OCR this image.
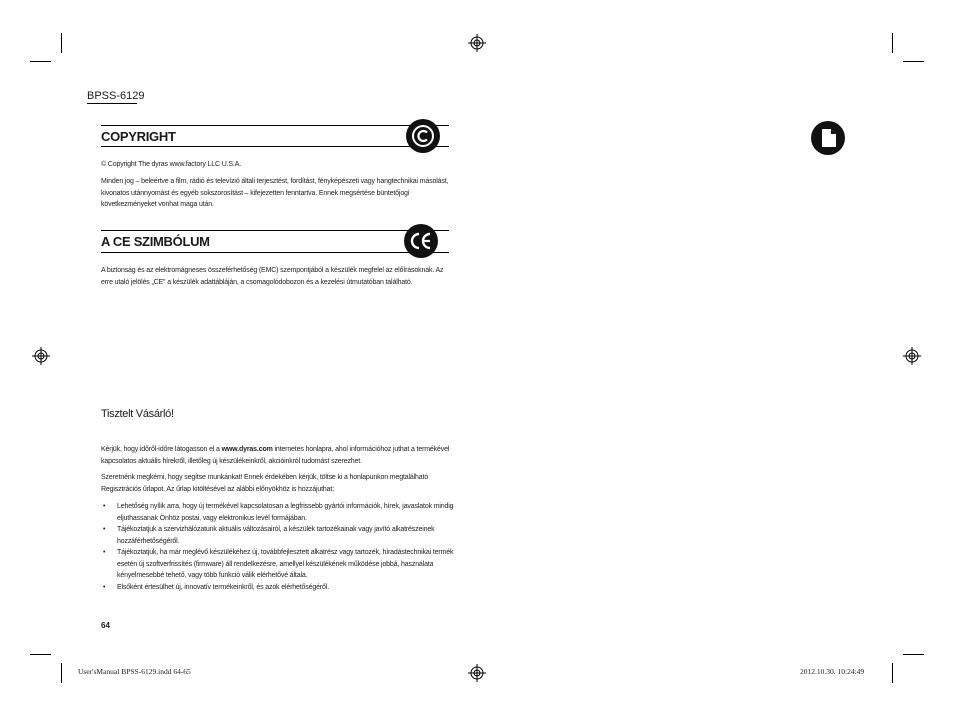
BPSS-6129
COPYRIGHT
© Copyright The dyras www.factory LLC U.S.A.
Minden jog – beleértve a film, rádió és televízió általi terjesztést, fordítást, fényképészeti vagy hangtechnikai másolást, kivonatos utánnyomást és egyéb sokszorosítást – kifejezetten fenntartva. Ennek megsértése büntetőjogi következményeket vonhat maga után.
A CE SZIMBÓLUM
A biztonság és az elektromágneses összeférhetőség (EMC) szempontjából a készülék megfelel az előírásoknak. Az erre utaló jelölés „CE" a készülék adattábláján, a csomagolódobozon és a kezelési útmutatóban található.
Tisztelt Vásárló!
Kérjük, hogy időről-időre látogasson el a www.dyras.com internetes honlapra, ahol információhoz juthat a termékével kapcsolatos aktuális hírekről, illetőleg új készülékeinkről, akcióinkról tudomást szerezhet.
Szeretnénk megkérni, hogy segítse munkánkat! Ennek érdekében kérjük, töltse ki a honlapunkon megtalálható Regisztrációs űrlapot. Az űrlap kitöltésével az alábbi előnyökhöz is hozzájuthat:
• Lehetőség nyílik arra, hogy új termékével kapcsolatosan a legfrissebb gyártói információk, hírek, javaslatok mindig eljuthassanak Önhöz postai, vagy elektronikus levél formájában.
• Tájékoztatjuk a szervizhálózatunk aktuális változásairól, a készülék tartozékainak vagy javító alkatrészeinek hozzáférhetőségéről.
• Tájékoztatjuk, ha már meglévő készülékéhez új, továbbfejlesztett alkatrész vagy tartozék, híradástechnikai termék esetén új szoftverfrissítés (firmware) áll rendelkezésre, amellyel készülékének működése jobbá, használata kényelmesebbé tehető, vagy több funkció válik elérhetővé általa.
• Elsőként értesülhet új, innovatív termékeinkről, és azok elérhetőségéről.
64
User'sManual BPSS-6129.indd 64-65	2012.10.30. 10:24:49
